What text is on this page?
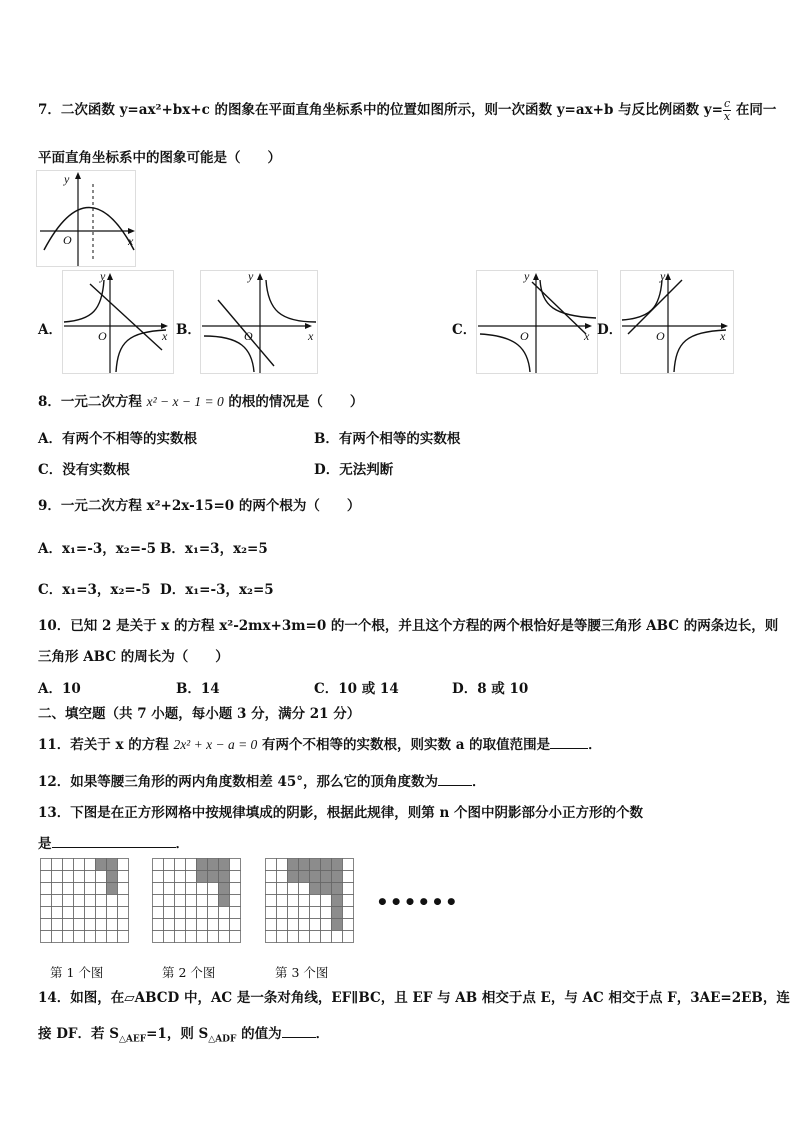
7．二次函数 y=ax²+bx+c 的图象在平面直角坐标系中的位置如图所示，则一次函数 y=ax+b 与反比例函数 $y= \frac{c}{x}$ 在同一
平面直角坐标系中的图象可能是（　　）
y
O	x
A．
y
O	x B．
y
O	x	C．
y
O	x D．
y
O	x
8．一元二次方程 x² − x − 1 = 0 的根的情况是（　　）
A．有两个不相等的实数根	B．有两个相等的实数根
C．没有实数根	D．无法判断
9．一元二次方程 x²+2x-15=0 的两个根为（　　）
A．x₁=-3，x₂=-5 B．x₁=3，x₂=5
C．x₁=3，x₂=-5 D．x₁=-3，x₂=5
10．已知 2 是关于 x 的方程 x²-2mx+3m=0 的一个根，并且这个方程的两个根恰好是等腰三角形 ABC 的两条边长，则
三角形 ABC 的周长为（　　）
A．10	B．14	C．10 或 14	D．8 或 10
二、填空题（共 7 小题，每小题 3 分，满分 21 分）
11．若关于 x 的方程 2x² + x − a = 0 有两个不相等的实数根，则实数 a 的取值范围是	．
12．如果等腰三角形的两内角度数相差 45°，那么它的顶角度数为	．
13．下图是在正方形网格中按规律填成的阴影，根据此规律，则第 n 个图中阴影部分小正方形的个数
是	．
••••••
第 1 个图	第 2 个图	第 3 个图
14．如图，在▱ABCD 中，AC 是一条对角线，EF∥BC，且 EF 与 AB 相交于点 E，与 AC 相交于点 F，3AE=2EB，连
接 DF．若 $S_{\triangle AEF}=1$，则 $S_{\triangle ADF}$ 的值为	．
